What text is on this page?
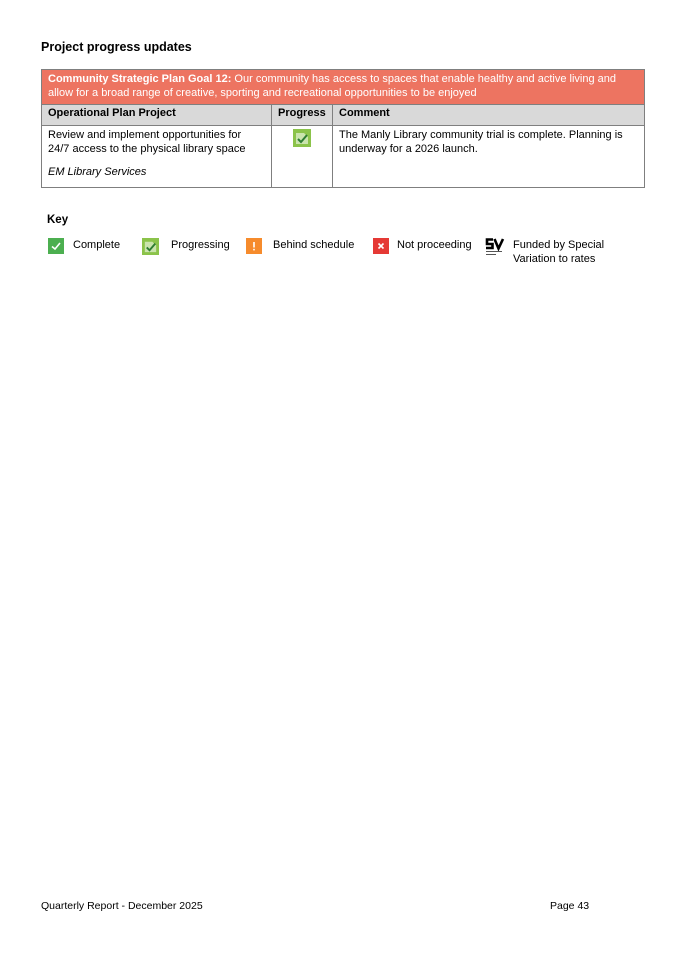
Project progress updates
Community Strategic Plan Goal 12: Our community has access to spaces that enable healthy and active living and allow for a broad range of creative, sporting and recreational opportunities to be enjoyed		
Operational Plan Project	Progress	Comment

Review and implement opportunities for 24/7 access to the physical library space
EM Library Services		The Manly Library community trial is complete. Planning is underway for a 2026 launch.
Key
Complete	Progressing	Behind schedule	Not proceeding	Funded by Special
Variation to rates
Quarterly Report - December 2025	Page 43
